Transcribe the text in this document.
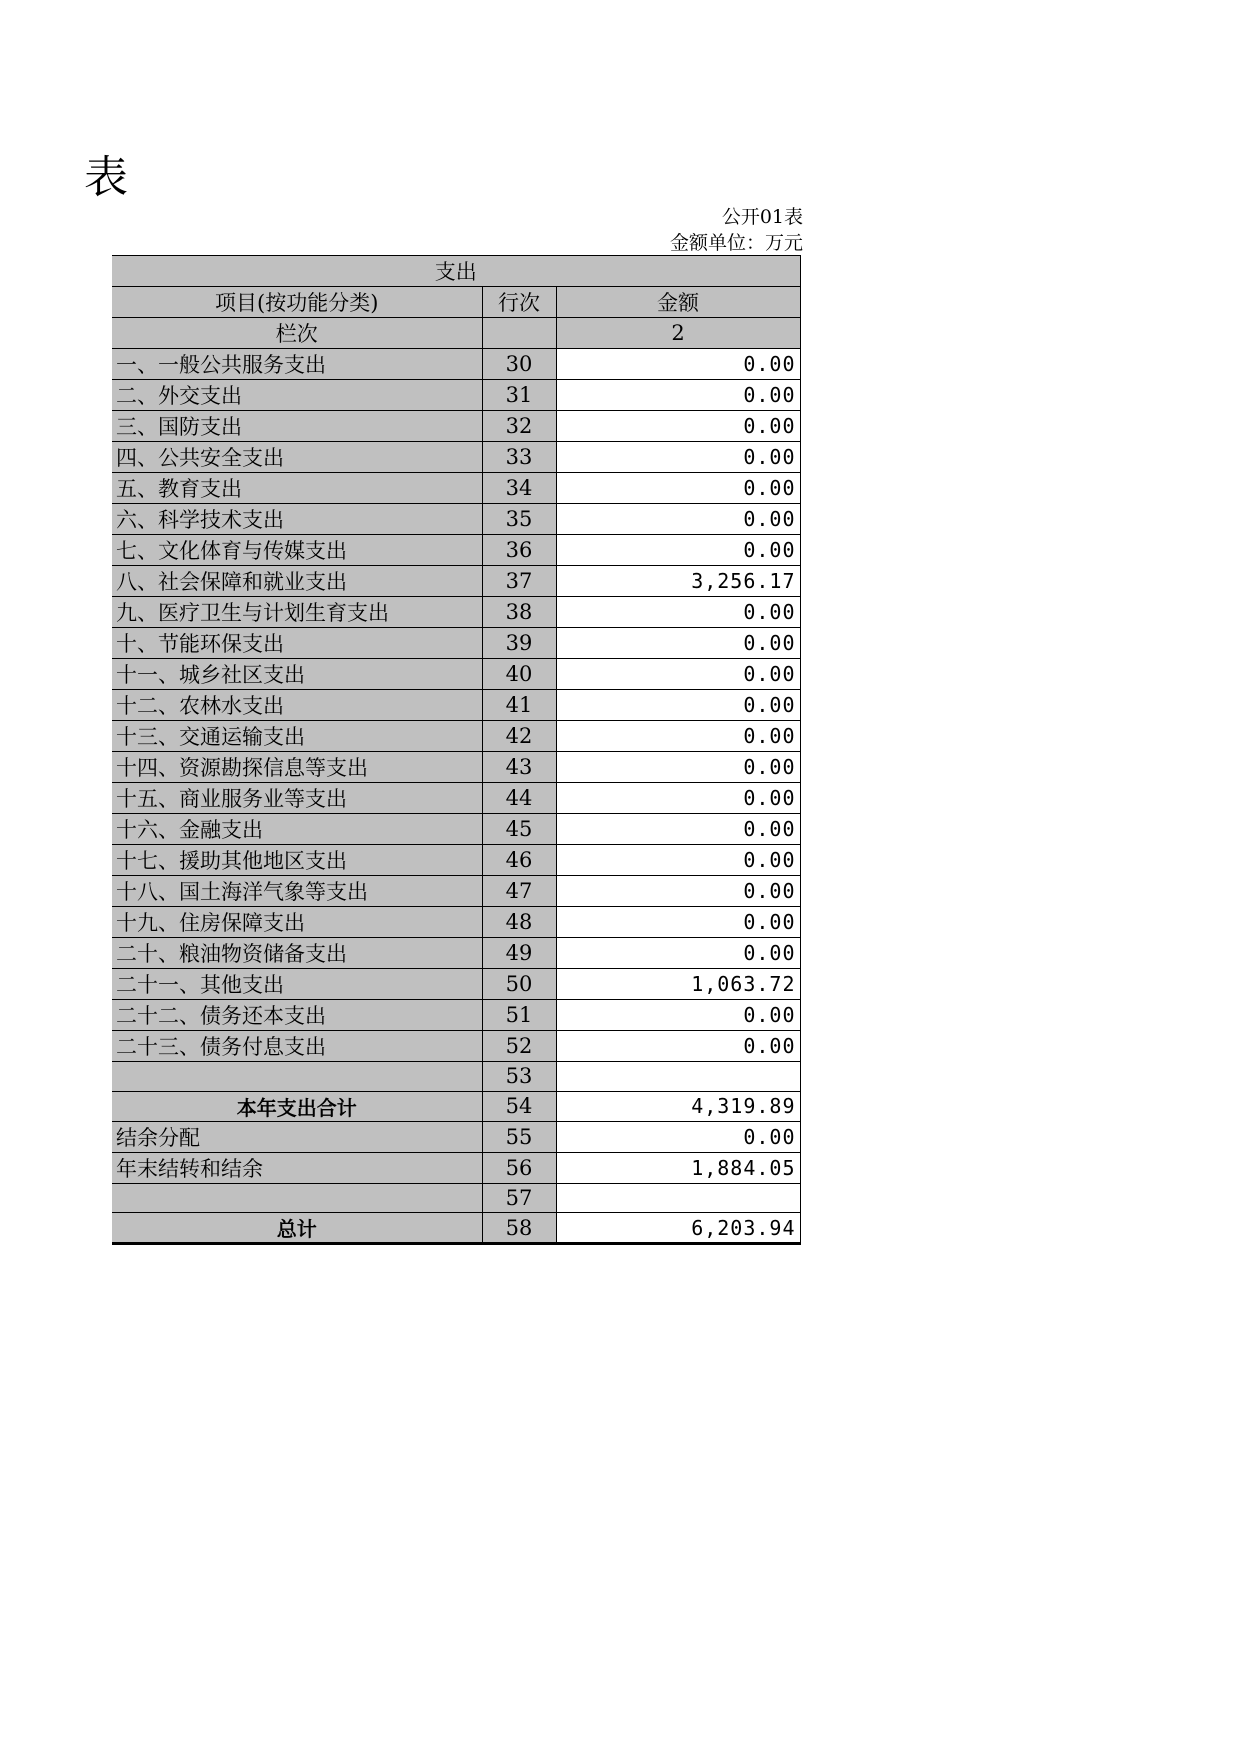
表
公开01表
金额单位：万元
支出		
项目(按功能分类)	行次	金额
栏次		2
一、一般公共服务支出	30	0.00
二、外交支出	31	0.00
三、国防支出	32	0.00
四、公共安全支出	33	0.00
五、教育支出	34	0.00
六、科学技术支出	35	0.00
七、文化体育与传媒支出	36	0.00
八、社会保障和就业支出	37	3,256.17
九、医疗卫生与计划生育支出	38	0.00
十、节能环保支出	39	0.00
十一、城乡社区支出	40	0.00
十二、农林水支出	41	0.00
十三、交通运输支出	42	0.00
十四、资源勘探信息等支出	43	0.00
十五、商业服务业等支出	44	0.00
十六、金融支出	45	0.00
十七、援助其他地区支出	46	0.00
十八、国土海洋气象等支出	47	0.00
十九、住房保障支出	48	0.00
二十、粮油物资储备支出	49	0.00
二十一、其他支出	50	1,063.72
二十二、债务还本支出	51	0.00
二十三、债务付息支出	52	0.00
	53	
本年支出合计	54	4,319.89
结余分配	55	0.00
年末结转和结余	56	1,884.05
	57	
总计	58	6,203.94
